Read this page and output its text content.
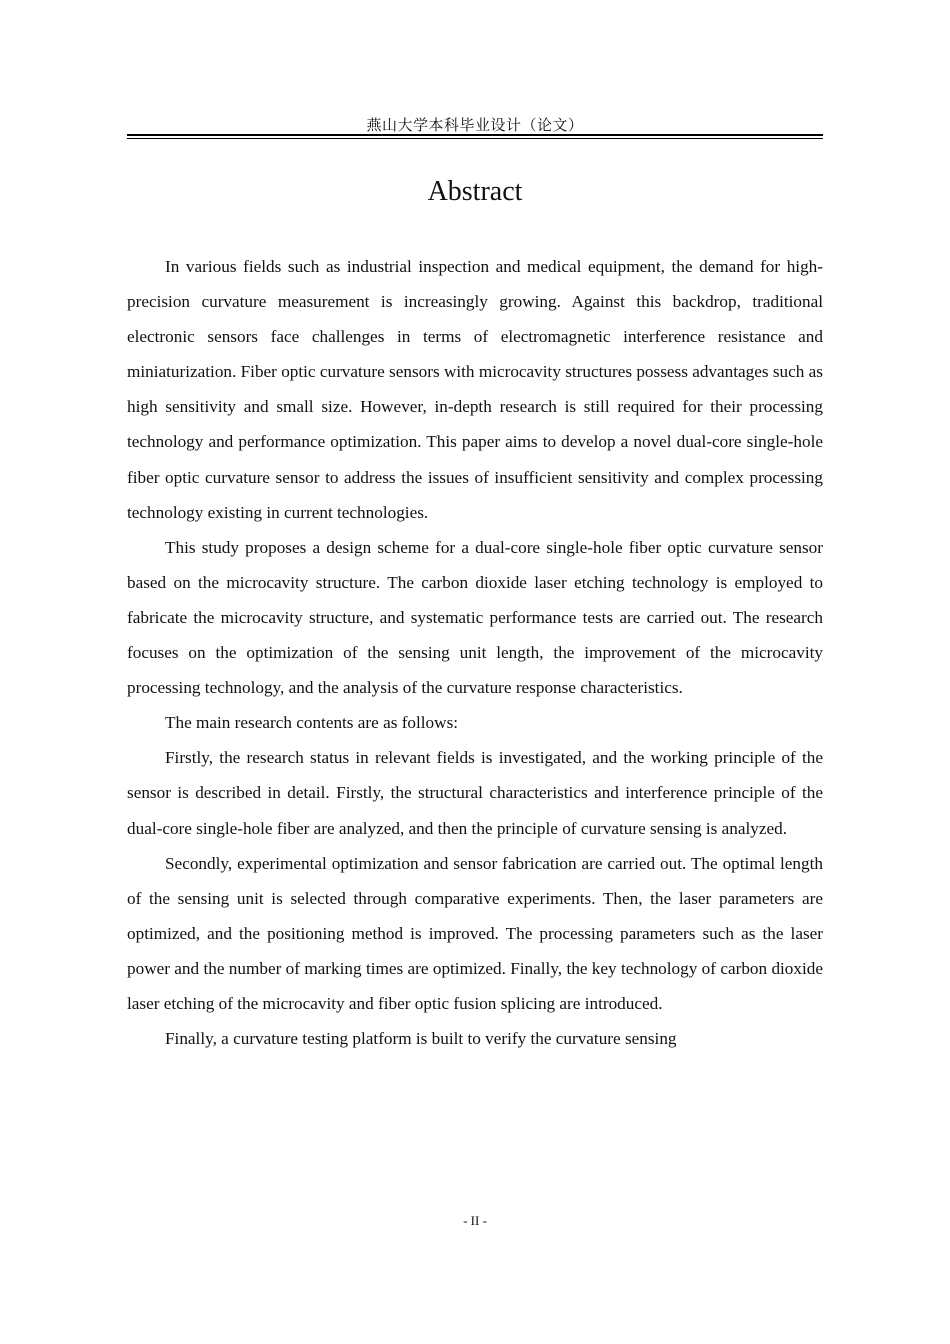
燕山大学本科毕业设计（论文）
Abstract

In various fields such as industrial inspection and medical equipment, the demand for high-precision curvature measurement is increasingly growing. Against this backdrop, traditional electronic sensors face challenges in terms of electromagnetic interference resistance and miniaturization. Fiber optic curvature sensors with microcavity structures possess advantages such as high sensitivity and small size. However, in-depth research is still required for their processing technology and performance optimization. This paper aims to develop a novel dual-core single-hole fiber optic curvature sensor to address the issues of insufficient sensitivity and complex processing technology existing in current technologies.

This study proposes a design scheme for a dual-core single-hole fiber optic curvature sensor based on the microcavity structure. The carbon dioxide laser etching technology is employed to fabricate the microcavity structure, and systematic performance tests are carried out. The research focuses on the optimization of the sensing unit length, the improvement of the microcavity processing technology, and the analysis of the curvature response characteristics.

The main research contents are as follows:

Firstly, the research status in relevant fields is investigated, and the working principle of the sensor is described in detail. Firstly, the structural characteristics and interference principle of the dual-core single-hole fiber are analyzed, and then the principle of curvature sensing is analyzed.

Secondly, experimental optimization and sensor fabrication are carried out. The optimal length of the sensing unit is selected through comparative experiments. Then, the laser parameters are optimized, and the positioning method is improved. The processing parameters such as the laser power and the number of marking times are optimized. Finally, the key technology of carbon dioxide laser etching of the microcavity and fiber optic fusion splicing are introduced.

Finally, a curvature testing platform is built to verify the curvature sensing

- II -
